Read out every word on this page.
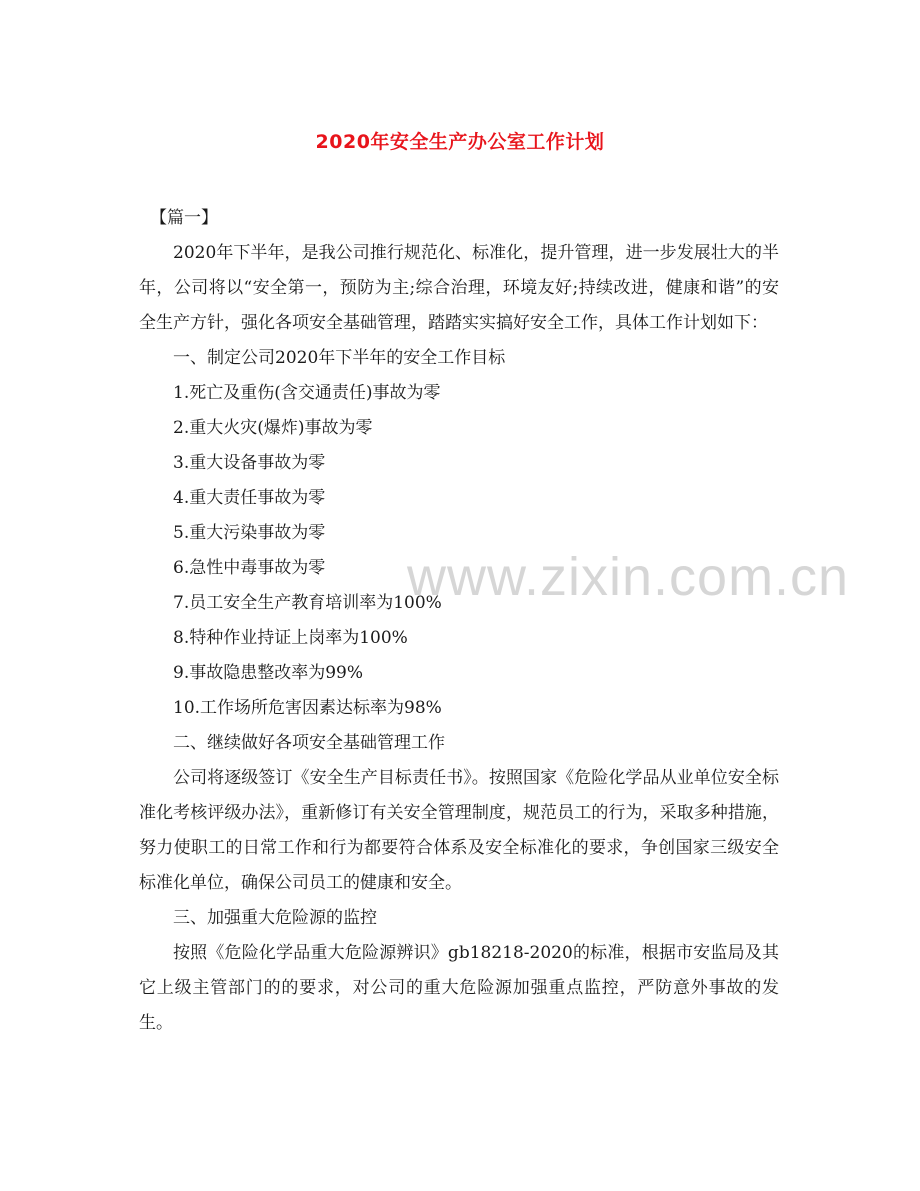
2020年安全生产办公室工作计划
www.zixin.com.cn

【篇一】

2020年下半年，是我公司推行规范化、标准化，提升管理，进一步发展壮大的半年，公司将以“安全第一，预防为主;综合治理，环境友好;持续改进，健康和谐”的安全生产方针，强化各项安全基础管理，踏踏实实搞好安全工作，具体工作计划如下：

一、制定公司2020年下半年的安全工作目标

1.死亡及重伤(含交通责任)事故为零

2.重大火灾(爆炸)事故为零

3.重大设备事故为零

4.重大责任事故为零

5.重大污染事故为零

6.急性中毒事故为零

7.员工安全生产教育培训率为100%

8.特种作业持证上岗率为100%

9.事故隐患整改率为99%

10.工作场所危害因素达标率为98%

二、继续做好各项安全基础管理工作

公司将逐级签订《安全生产目标责任书》。按照国家《危险化学品从业单位安全标准化考核评级办法》，重新修订有关安全管理制度，规范员工的行为，采取多种措施，努力使职工的日常工作和行为都要符合体系及安全标准化的要求，争创国家三级安全标准化单位，确保公司员工的健康和安全。

三、加强重大危险源的监控

按照《危险化学品重大危险源辨识》gb18218-2020的标准，根据市安监局及其它上级主管部门的的要求，对公司的重大危险源加强重点监控，严防意外事故的发生。
